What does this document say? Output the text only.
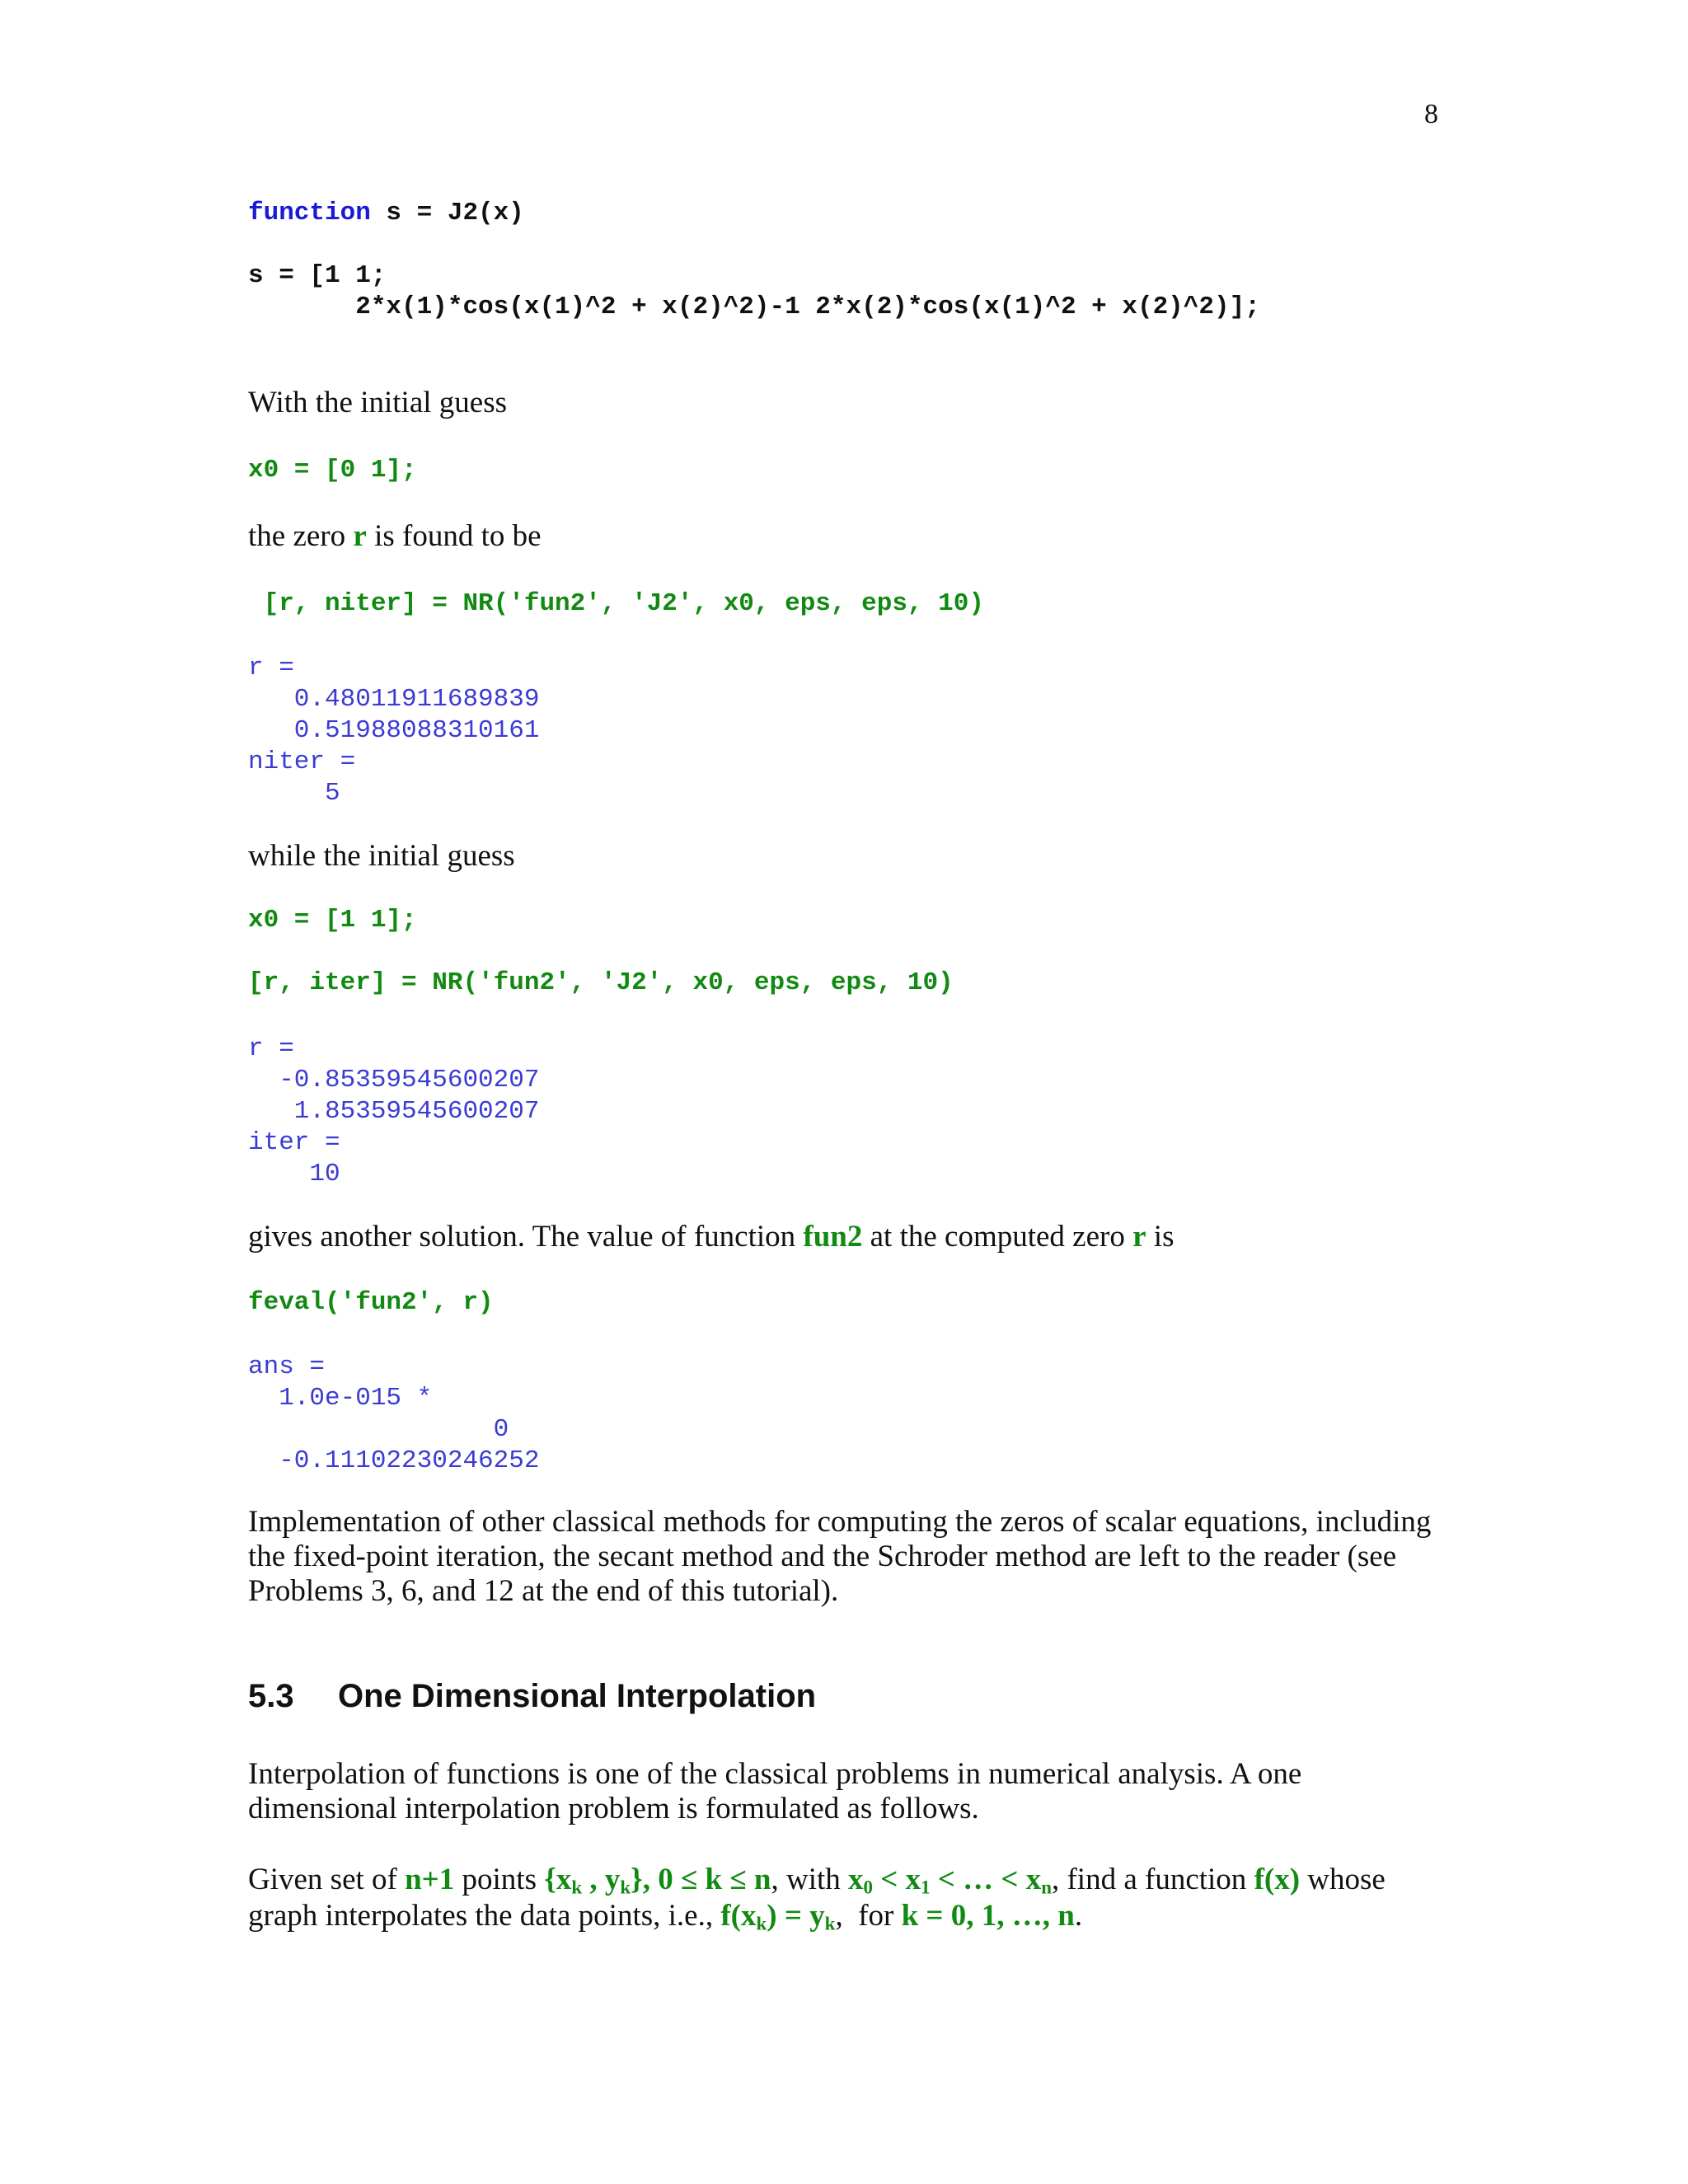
8
function s = J2(x)
s = [1 1;
2*x(1)*cos(x(1)^2 + x(2)^2)-1 2*x(2)*cos(x(1)^2 + x(2)^2)];
With the initial guess
x0 = [0 1];
the zero r is found to be
[r, niter] = NR('fun2', 'J2', x0, eps, eps, 10)
r =
0.48011911689839
0.51988088310161
niter =
5
while the initial guess
x0 = [1 1];
[r, iter] = NR('fun2', 'J2', x0, eps, eps, 10)
r =
-0.85359545600207
1.85359545600207
iter =
10
gives another solution. The value of function fun2 at the computed zero r is
feval('fun2', r)
ans =
1.0e-015 *
0
-0.11102230246252
Implementation of other classical methods for computing the zeros of scalar equations, including
the fixed-point iteration, the secant method and the Schroder method are left to the reader (see
Problems 3, 6, and 12 at the end of this tutorial).
5.3 One Dimensional Interpolation
Interpolation of functions is one of the classical problems in numerical analysis. A one
dimensional interpolation problem is formulated as follows.
Given set of n+1 points {$x_k$ , $y_k$}, 0 ≤ k ≤ n, with $x_0 < x_1$ < … < $x_n$, find a function f(x) whose
graph interpolates the data points, i.e., $f(x_k) = y_k$,  for k = 0, 1, …, n.
